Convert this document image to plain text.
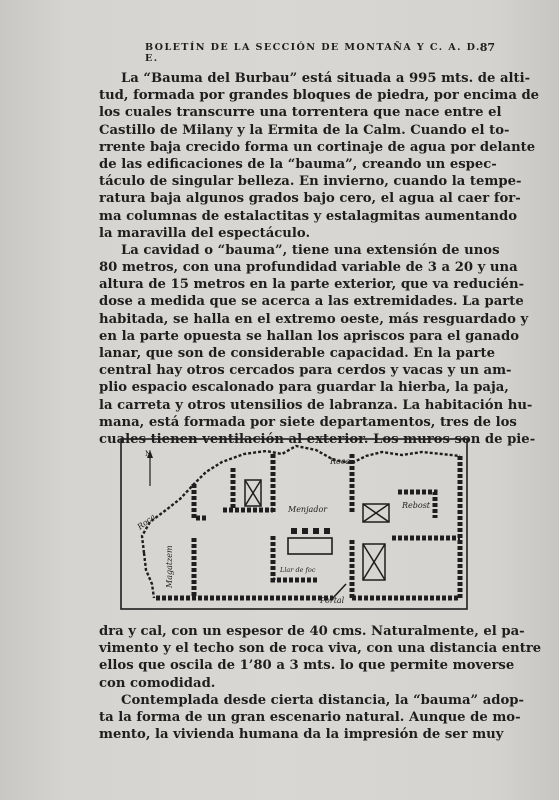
BOLETÍN DE LA SECCIÓN DE MONTAÑA Y C. A. D. E.
87
La “Bauma del Burbau” está situada a 995 mts. de alti-
tud, formada por grandes bloques de piedra, por encima de
los cuales transcurre una torrentera que nace entre el
Castillo de Milany y la Ermita de la Calm. Cuando el to-
rrente baja crecido forma un cortinaje de agua por delante
de las edificaciones de la “bauma”, creando un espec-
táculo de singular belleza. En invierno, cuando la tempe-
ratura baja algunos grados bajo cero, el agua al caer for-
ma columnas de estalactitas y estalagmitas aumentando
la maravilla del espectáculo.
La cavidad o “bauma”, tiene una extensión de unos
80 metros, con una profundidad variable de 3 a 20 y una
altura de 15 metros en la parte exterior, que va reducién-
dose a medida que se acerca a las extremidades. La parte
habitada, se halla en el extremo oeste, más resguardado y
en la parte opuesta se hallan los apriscos para el ganado
lanar, que son de considerable capacidad. En la parte
central hay otros cercados para cerdos y vacas y un am-
plio espacio escalonado para guardar la hierba, la paja,
la carreta y otros utensilios de labranza. La habitación hu-
mana, está formada por siete departamentos, tres de los
cuales tienen ventilación al exterior. Los muros son de pie-
N
Roca
Roca
Menjador	Rebost
Magatzem	Llar de foc
Portal
dra y cal, con un espesor de 40 cms. Naturalmente, el pa-
vimento y el techo son de roca viva, con una distancia entre
ellos que oscila de 1’80 a 3 mts. lo que permite moverse
con comodidad.
Contemplada desde cierta distancia, la “bauma” adop-
ta la forma de un gran escenario natural. Aunque de mo-
mento, la vivienda humana da la impresión de ser muy
